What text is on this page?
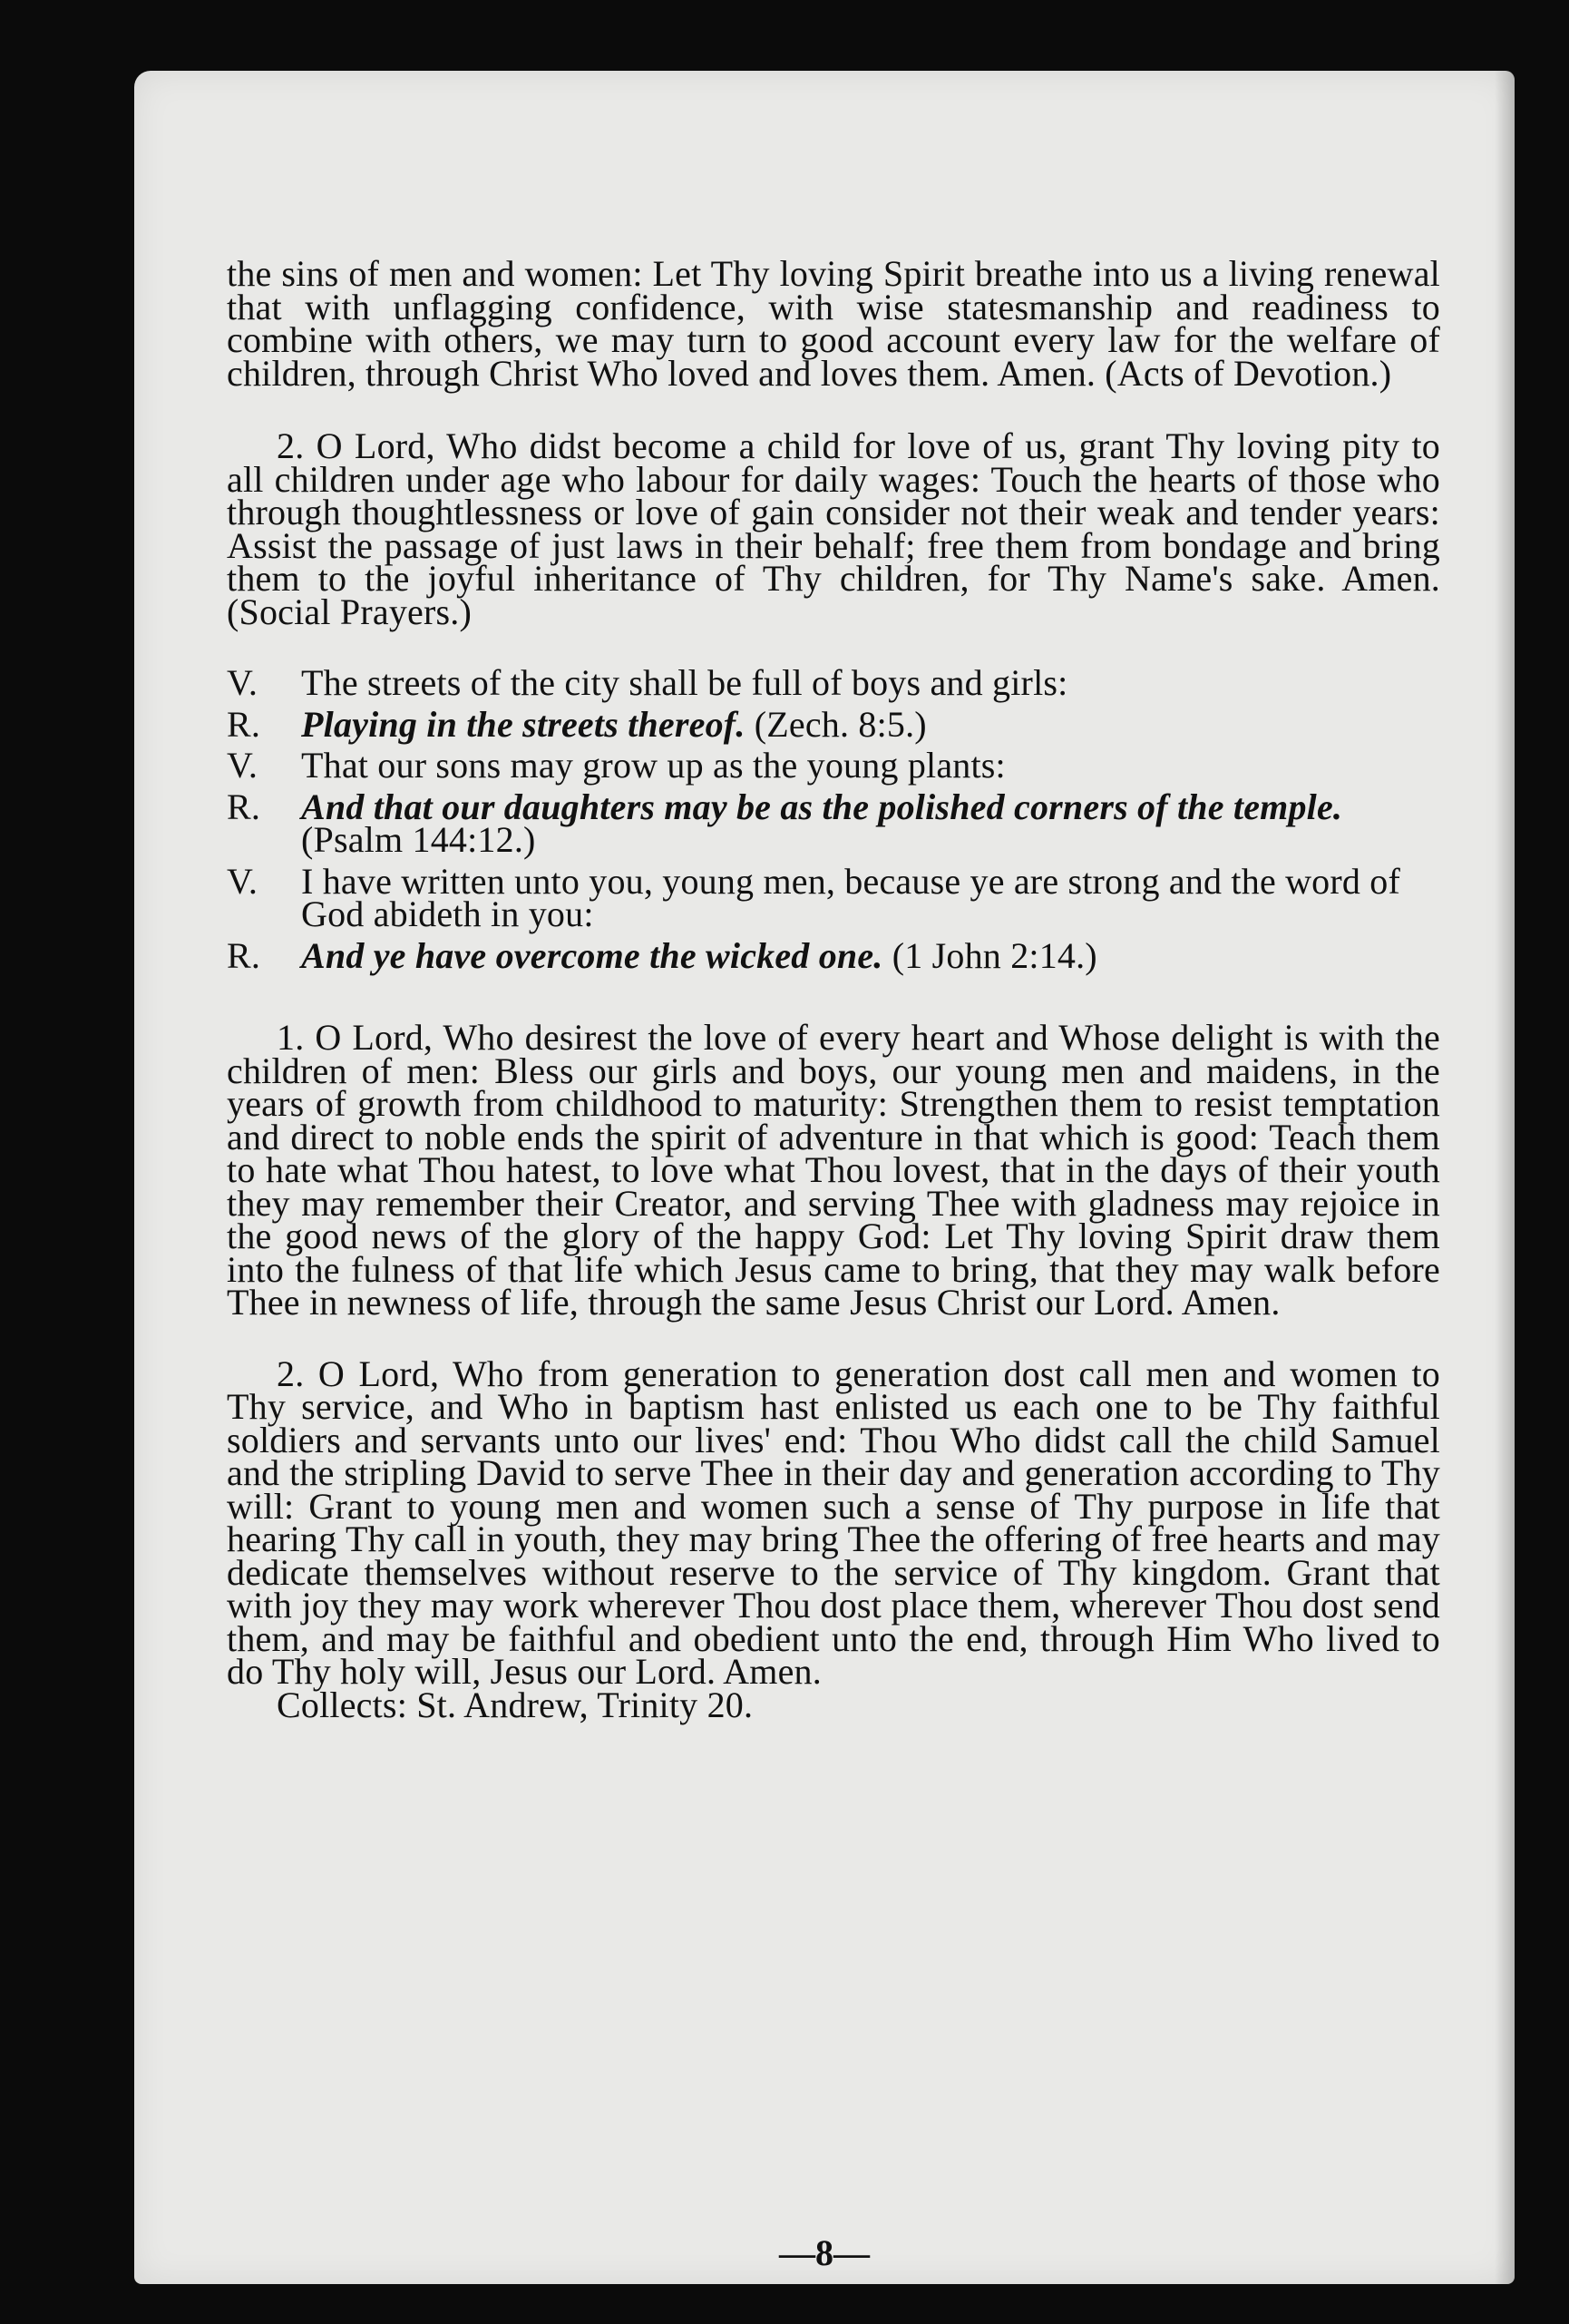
the sins of men and women: Let Thy loving Spirit breathe into us a living renewal that with unflagging confidence, with wise statesmanship and readiness to combine with others, we may turn to good account every law for the welfare of children, through Christ Who loved and loves them. Amen. (Acts of Devotion.)

2. O Lord, Who didst become a child for love of us, grant Thy loving pity to all children under age who labour for daily wages: Touch the hearts of those who through thoughtlessness or love of gain consider not their weak and tender years: Assist the passage of just laws in their behalf; free them from bondage and bring them to the joyful inheritance of Thy children, for Thy Name's sake. Amen. (Social Prayers.)

V.	The streets of the city shall be full of boys and girls:
R.	Playing in the streets thereof. (Zech. 8:5.)
V.	That our sons may grow up as the young plants:
R.	And that our daughters may be as the polished corners of the temple. (Psalm 144:12.)
V.	I have written unto you, young men, because ye are strong and the word of God abideth in you:
R.	And ye have overcome the wicked one. (1 John 2:14.)

1. O Lord, Who desirest the love of every heart and Whose delight is with the children of men: Bless our girls and boys, our young men and maidens, in the years of growth from childhood to maturity: Strengthen them to resist temptation and direct to noble ends the spirit of adventure in that which is good: Teach them to hate what Thou hatest, to love what Thou lovest, that in the days of their youth they may remember their Creator, and serving Thee with gladness may rejoice in the good news of the glory of the happy God: Let Thy loving Spirit draw them into the fulness of that life which Jesus came to bring, that they may walk before Thee in newness of life, through the same Jesus Christ our Lord. Amen.

2. O Lord, Who from generation to generation dost call men and women to Thy service, and Who in baptism hast enlisted us each one to be Thy faithful soldiers and servants unto our lives' end: Thou Who didst call the child Samuel and the stripling David to serve Thee in their day and generation according to Thy will: Grant to young men and women such a sense of Thy purpose in life that hearing Thy call in youth, they may bring Thee the offering of free hearts and may dedicate themselves without reserve to the service of Thy kingdom. Grant that with joy they may work wherever Thou dost place them, wherever Thou dost send them, and may be faithful and obedient unto the end, through Him Who lived to do Thy holy will, Jesus our Lord. Amen.

Collects: St. Andrew, Trinity 20.

—8—
